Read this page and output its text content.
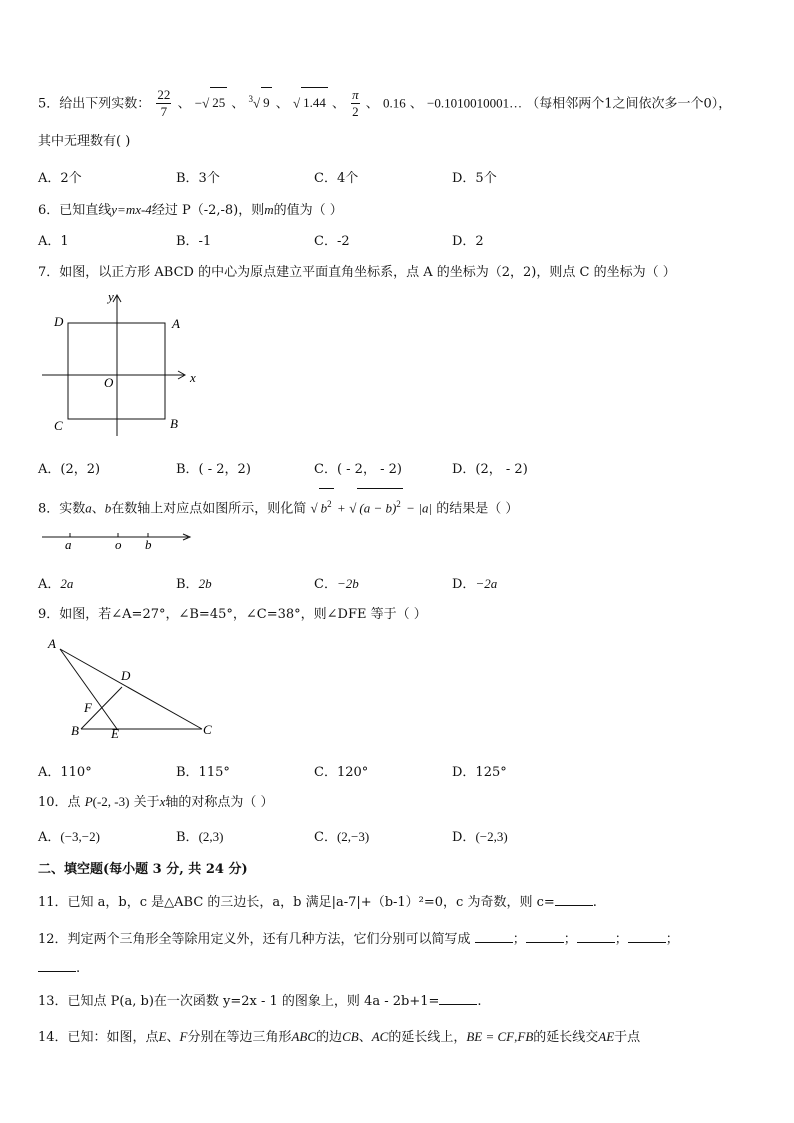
5．给出下列实数： $\frac{22}{7}$ 、 −√ 25 、 $^3$√ 9 、 √ 1.44 、 $\frac{\pi}{2}$ 、 0.16 、 −0.1010010001… （每相邻两个1之间依次多一个0），
其中无理数有( )
A．2个	B．3个	C．4个	D．5个
6．已知直线y=mx-4经过 P（-2,-8)，则m的值为（ ）
A．1	B．-1	C．-2	D．2
7．如图，以正方形 ABCD 的中心为原点建立平面直角坐标系，点 A 的坐标为（2，2)，则点 C 的坐标为（ ）
D	A
C	B
O	x
y
A．(2，2)	B．( - 2，2)	C．( - 2， - 2)	D．(2， - 2)
8．实数a、b在数轴上对应点如图所示，则化简 √ $b^2$ + √ $(a - b)^2 - |a|$ 的结果是（ ）
a	o b
A．2a	B．2b	C．−2b	D．−2a
9．如图，若∠A=27°，∠B=45°，∠C=38°，则∠DFE 等于（ ）
A
D
F
B E	C
A．110°	B．115°	C．120°	D．125°
10．点 P(-2, -3) 关于x轴的对称点为（ ）
A．(−3,−2)	B．(2,3)	C．(2,−3)	D．(−2,3)
二、填空题(每小题 3 分, 共 24 分)
11．已知 a，b，c 是△ABC 的三边长，a，b 满足|a-7|+（b-1）²=0，c 为奇数，则 c=	.
12．判定两个三角形全等除用定义外，还有几种方法，它们分别可以简写成	；	；	；	；
.
13．已知点 P(a, b)在一次函数 y=2x - 1 的图象上，则 4a - 2b+1=	.
14．已知：如图，点E、F分别在等边三角形ABC的边CB、AC的延长线上，BE = CF,FB的延长线交AE于点
